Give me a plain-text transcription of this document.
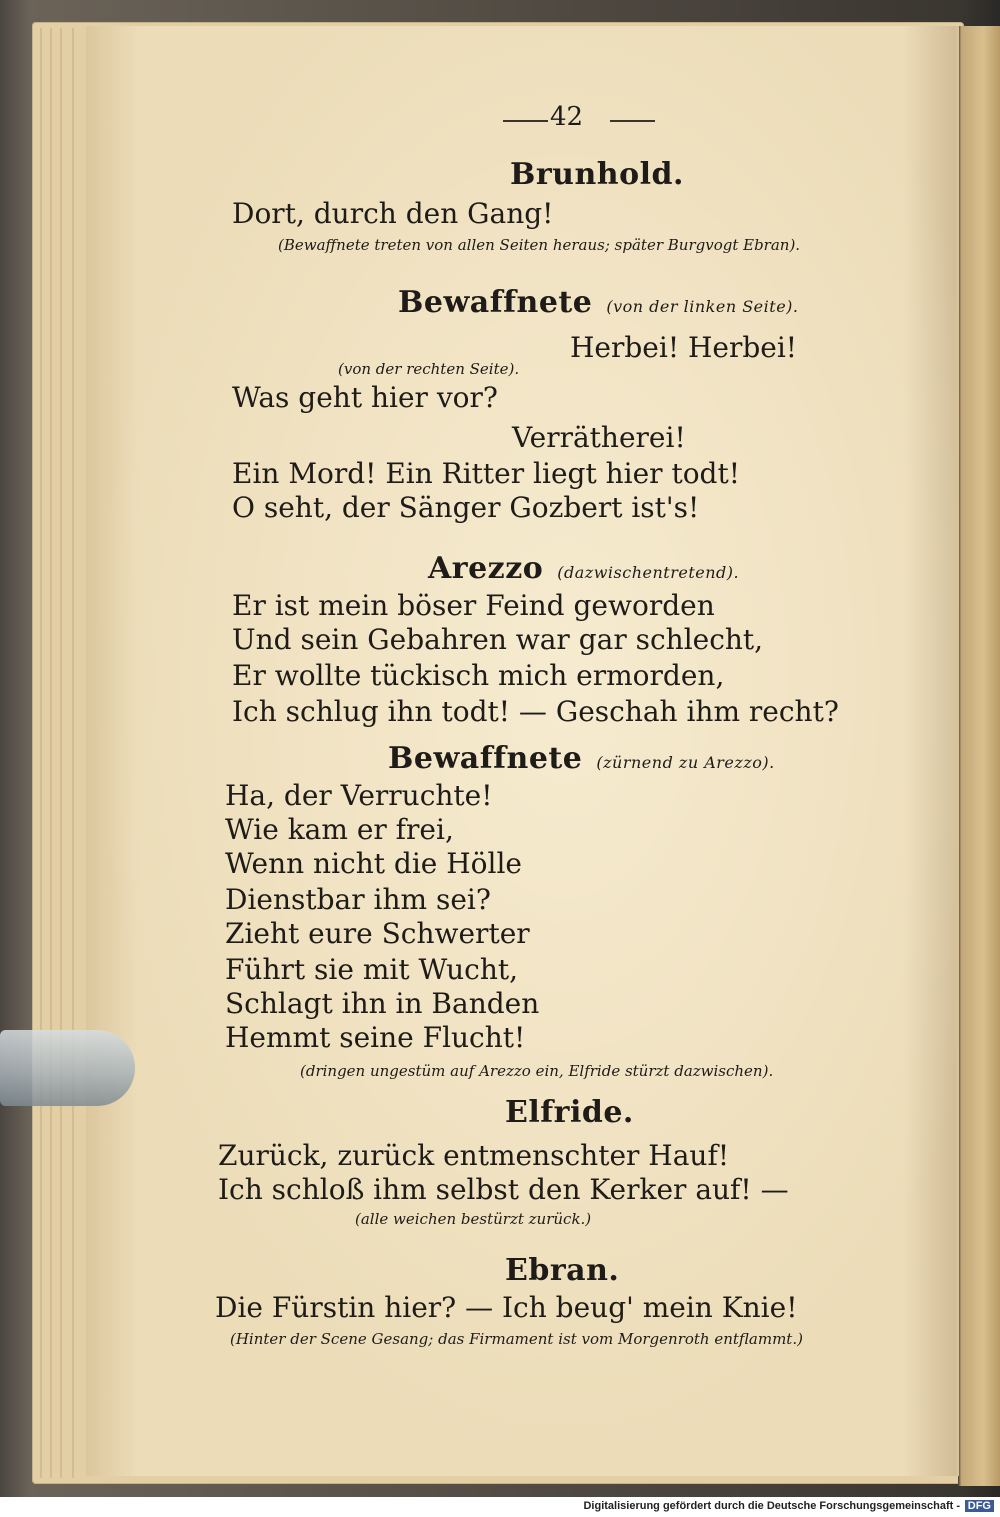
42
Brunhold.
Dort, durch den Gang!
(Bewaffnete treten von allen Seiten heraus; später Burgvogt Ebran).
Bewaffnete (von der linken Seite).
Herbei! Herbei!
(von der rechten Seite).
Was geht hier vor?
Verrätherei!
Ein Mord! Ein Ritter liegt hier todt!
O seht, der Sänger Gozbert ist's!
Arezzo (dazwischentretend).
Er ist mein böser Feind geworden
Und sein Gebahren war gar schlecht,
Er wollte tückisch mich ermorden,
Ich schlug ihn todt! — Geschah ihm recht?
Bewaffnete (zürnend zu Arezzo).
Ha, der Verruchte!
Wie kam er frei,
Wenn nicht die Hölle
Dienstbar ihm sei?
Zieht eure Schwerter
Führt sie mit Wucht,
Schlagt ihn in Banden
Hemmt seine Flucht!
(dringen ungestüm auf Arezzo ein, Elfride stürzt dazwischen).
Elfride.
Zurück, zurück entmenschter Hauf!
Ich schloß ihm selbst den Kerker auf! —
(alle weichen bestürzt zurück.)
Ebran.
Die Fürstin hier? — Ich beug' mein Knie!
(Hinter der Scene Gesang; das Firmament ist vom Morgenroth entflammt.)
Digitalisierung gefördert durch die Deutsche Forschungsgemeinschaft - DFG
